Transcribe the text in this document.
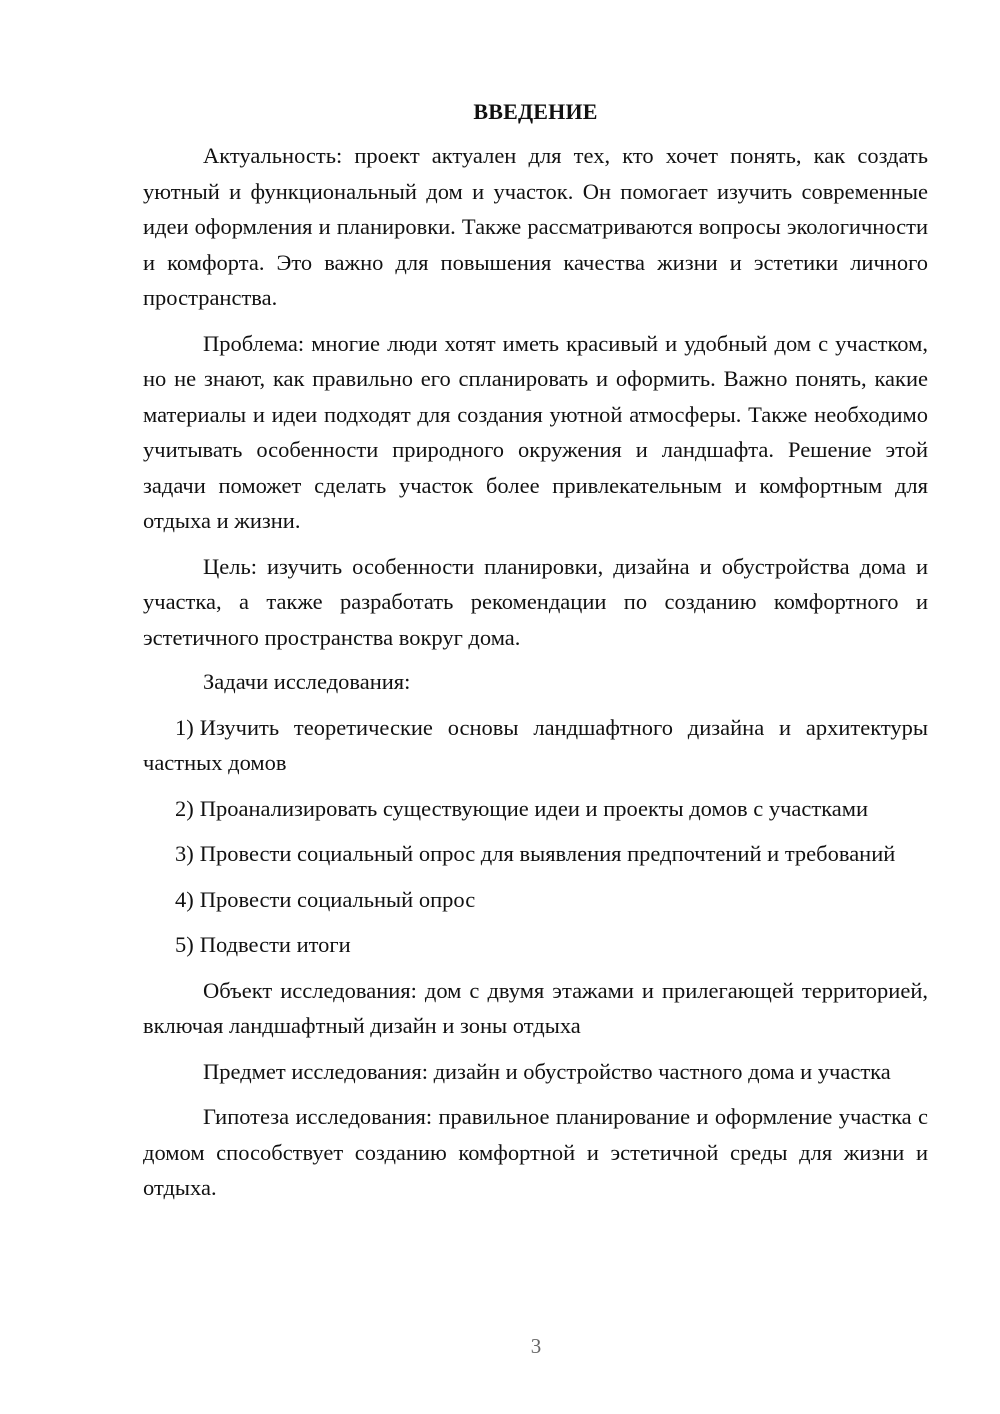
ВВЕДЕНИЕ

Актуальность: проект актуален для тех, кто хочет понять, как создать уютный и функциональный дом и участок. Он помогает изучить современные идеи оформления и планировки. Также рассматриваются вопросы экологичности и комфорта. Это важно для повышения качества жизни и эстетики личного пространства.

Проблема: многие люди хотят иметь красивый и удобный дом с участком, но не знают, как правильно его спланировать и оформить. Важно понять, какие материалы и идеи подходят для создания уютной атмосферы. Также необходимо учитывать особенности природного окружения и ландшафта. Решение этой задачи поможет сделать участок более привлекательным и комфортным для отдыха и жизни.

Цель: изучить особенности планировки, дизайна и обустройства дома и участка, а также разработать рекомендации по созданию комфортного и эстетичного пространства вокруг дома.

Задачи исследования:

1) Изучить теоретические основы ландшафтного дизайна и архитектуры частных домов

2) Проанализировать существующие идеи и проекты домов с участками

3) Провести социальный опрос для выявления предпочтений и требований

4) Провести социальный опрос

5) Подвести итоги

Объект исследования: дом с двумя этажами и прилегающей территорией, включая ландшафтный дизайн и зоны отдыха

Предмет исследования: дизайн и обустройство частного дома и участка

Гипотеза исследования: правильное планирование и оформление участка с домом способствует созданию комфортной и эстетичной среды для жизни и отдыха.

3
